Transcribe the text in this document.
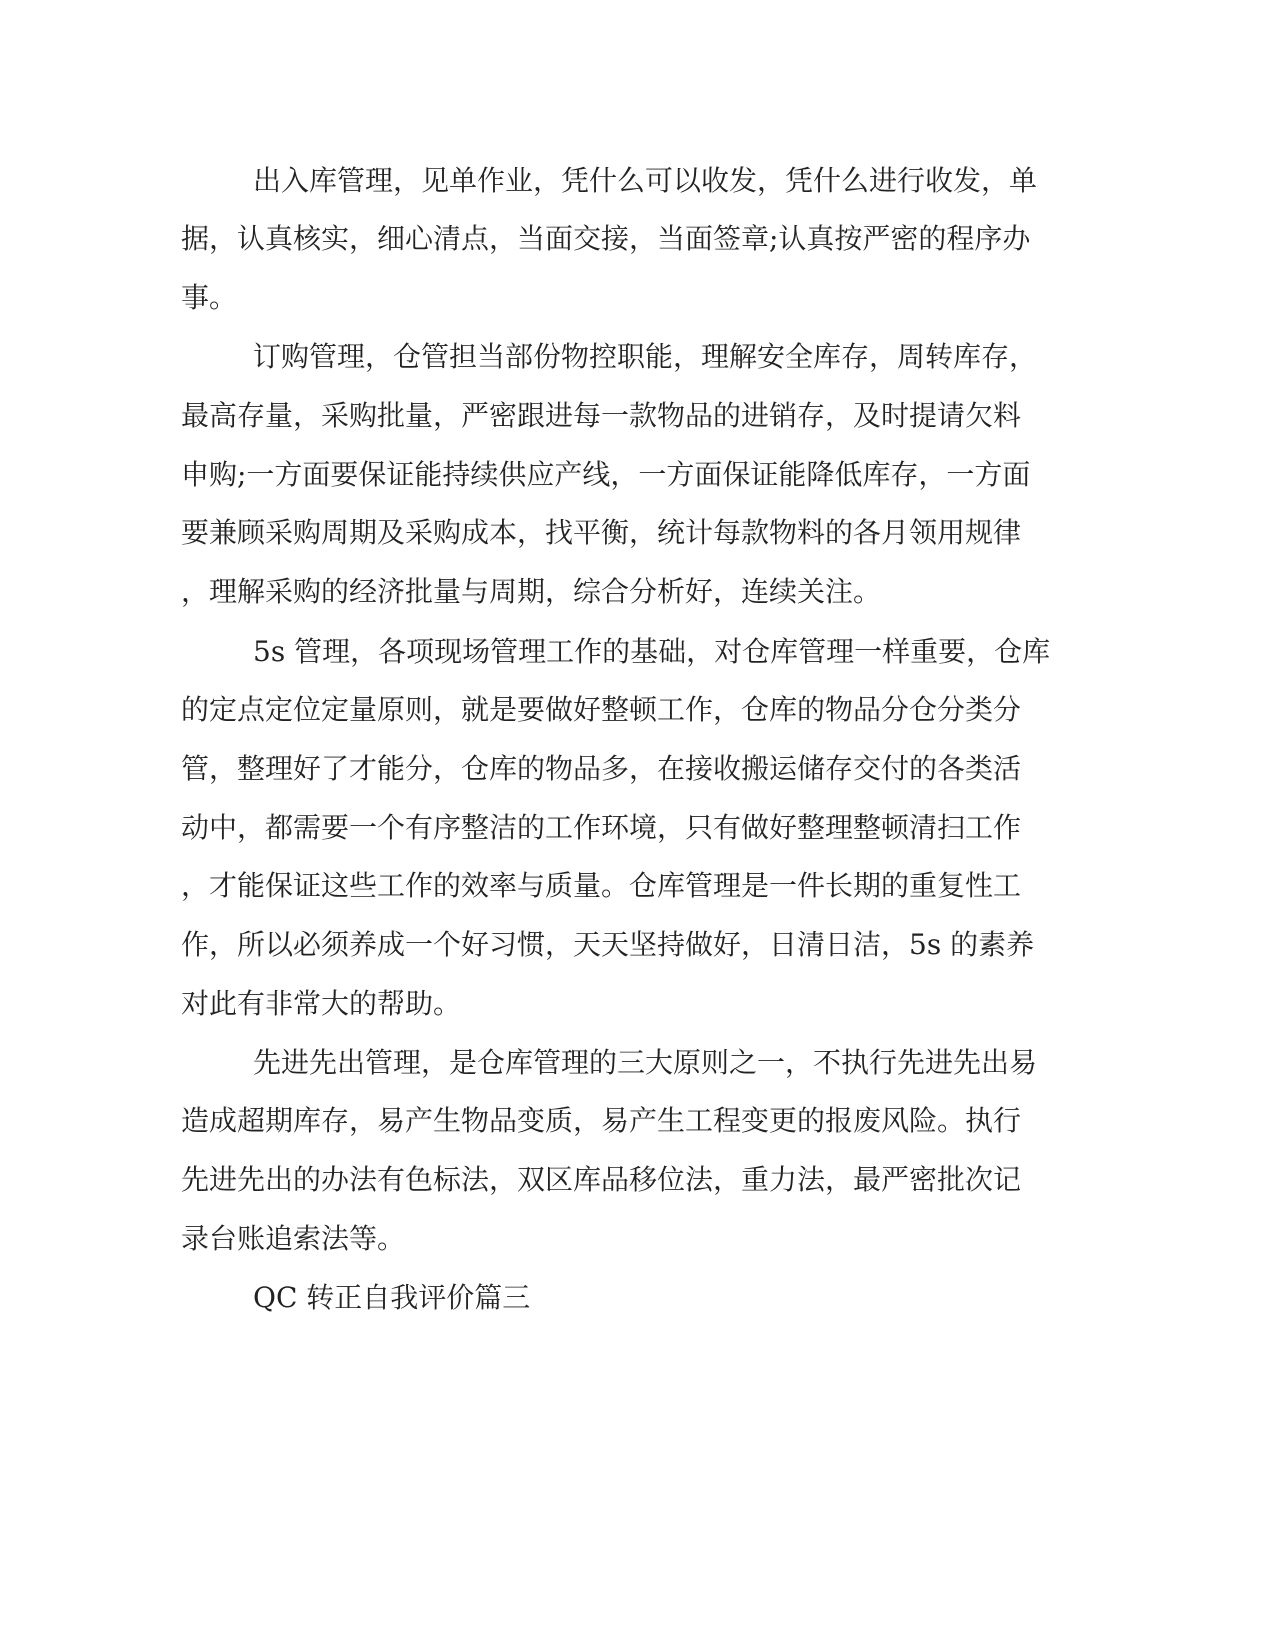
出入库管理，见单作业，凭什么可以收发，凭什么进行收发，单
据，认真核实，细心清点，当面交接，当面签章;认真按严密的程序办
事。
订购管理，仓管担当部份物控职能，理解安全库存，周转库存，
最高存量，采购批量，严密跟进每一款物品的进销存，及时提请欠料
申购;一方面要保证能持续供应产线，一方面保证能降低库存，一方面
要兼顾采购周期及采购成本，找平衡，统计每款物料的各月领用规律
，理解采购的经济批量与周期，综合分析好，连续关注。
5s 管理，各项现场管理工作的基础，对仓库管理一样重要，仓库
的定点定位定量原则，就是要做好整顿工作，仓库的物品分仓分类分
管，整理好了才能分，仓库的物品多，在接收搬运储存交付的各类活
动中，都需要一个有序整洁的工作环境，只有做好整理整顿清扫工作
，才能保证这些工作的效率与质量。仓库管理是一件长期的重复性工
作，所以必须养成一个好习惯，天天坚持做好，日清日洁，5s 的素养
对此有非常大的帮助。
先进先出管理，是仓库管理的三大原则之一，不执行先进先出易
造成超期库存，易产生物品变质，易产生工程变更的报废风险。执行
先进先出的办法有色标法，双区库品移位法，重力法，最严密批次记
录台账追索法等。
QC 转正自我评价篇三
